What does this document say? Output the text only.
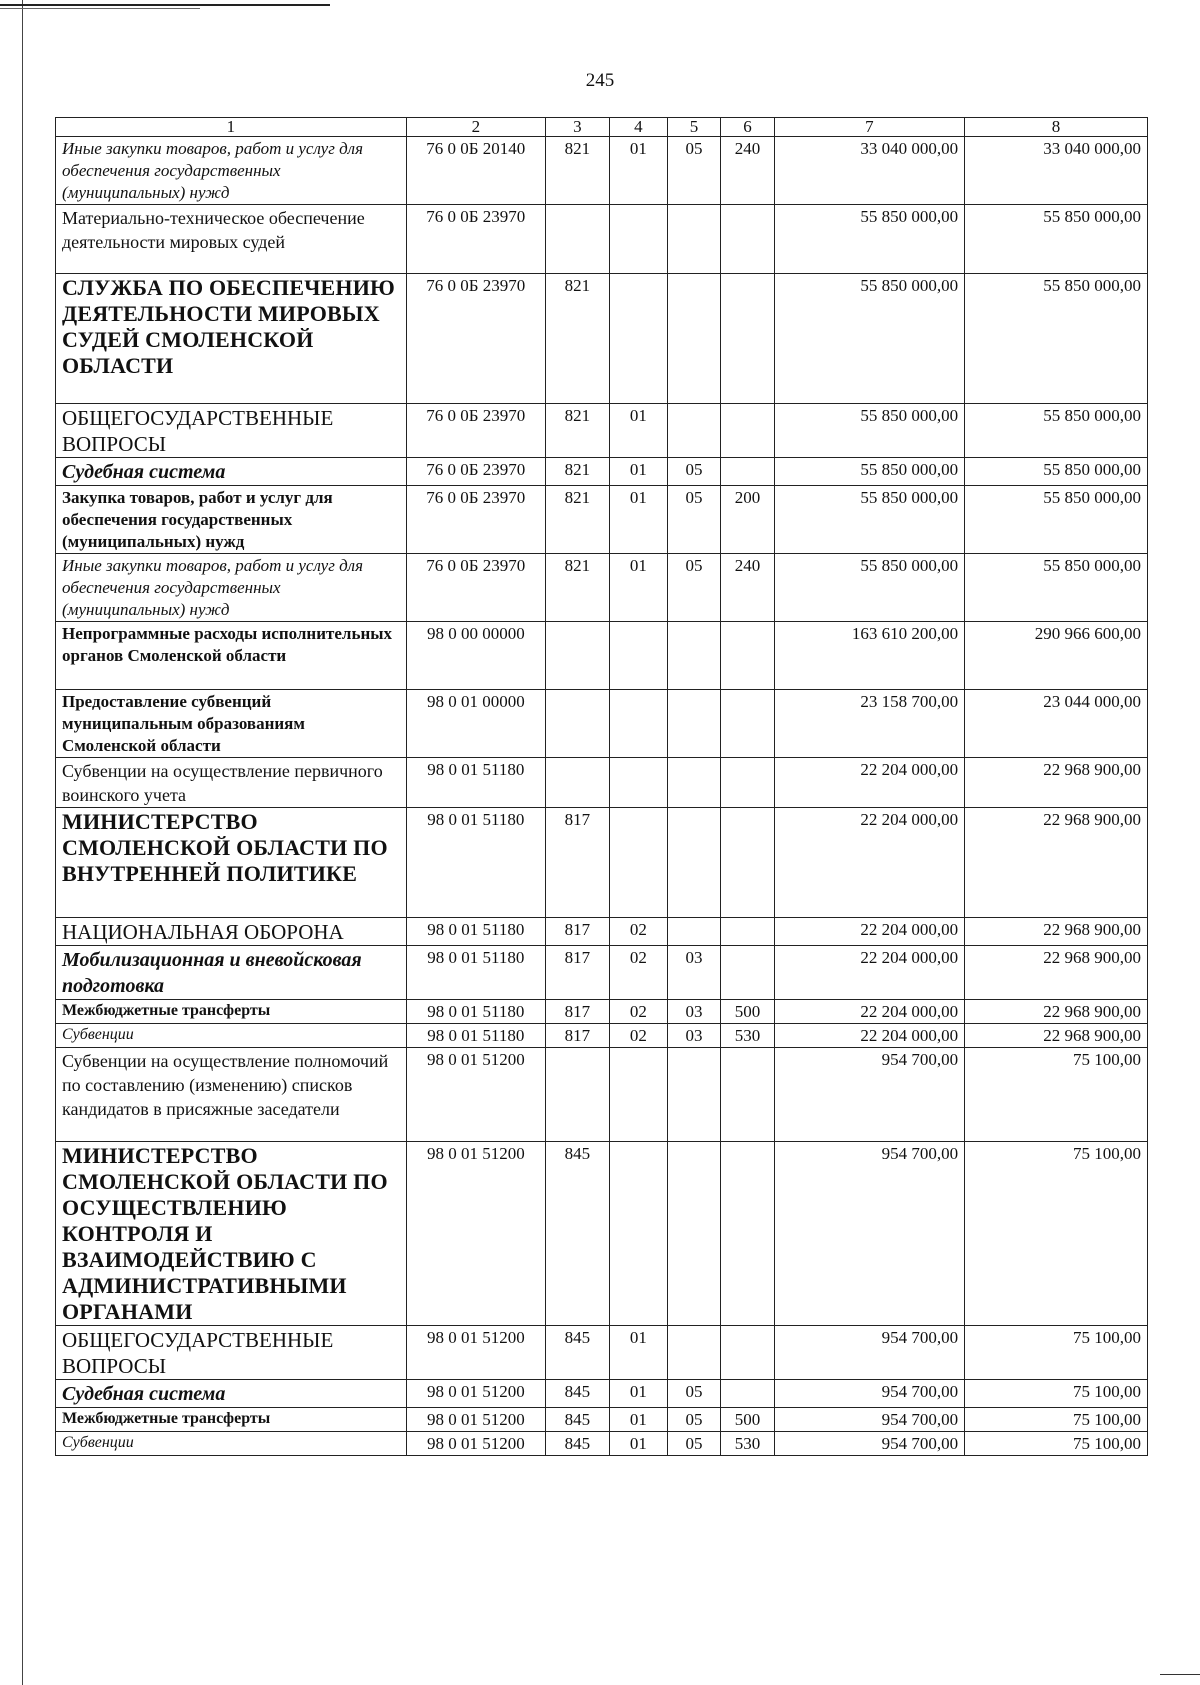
245
1	2	3	4	5	6	7	8
Иные закупки товаров, работ и услуг для обеспечения государственных (муниципальных) нужд	76 0 0Б 20140	821	01	05	240	33 040 000,00	33 040 000,00
Материально-техническое обеспечение деятельности мировых судей	76 0 0Б 23970					55 850 000,00	55 850 000,00
СЛУЖБА ПО ОБЕСПЕЧЕНИЮ ДЕЯТЕЛЬНОСТИ МИРОВЫХ СУДЕЙ СМОЛЕНСКОЙ ОБЛАСТИ	76 0 0Б 23970	821				55 850 000,00	55 850 000,00
ОБЩЕГОСУДАРСТВЕННЫЕ ВОПРОСЫ	76 0 0Б 23970	821	01			55 850 000,00	55 850 000,00
Судебная система	76 0 0Б 23970	821	01	05		55 850 000,00	55 850 000,00
Закупка товаров, работ и услуг для обеспечения государственных (муниципальных) нужд	76 0 0Б 23970	821	01	05	200	55 850 000,00	55 850 000,00
Иные закупки товаров, работ и услуг для обеспечения государственных (муниципальных) нужд	76 0 0Б 23970	821	01	05	240	55 850 000,00	55 850 000,00
Непрограммные расходы исполнительных органов Смоленской области	98 0 00 00000					163 610 200,00	290 966 600,00
Предоставление субвенций муниципальным образованиям Смоленской области	98 0 01 00000					23 158 700,00	23 044 000,00
Субвенции на осуществление первичного воинского учета	98 0 01 51180					22 204 000,00	22 968 900,00
МИНИСТЕРСТВО СМОЛЕНСКОЙ ОБЛАСТИ ПО ВНУТРЕННЕЙ ПОЛИТИКЕ	98 0 01 51180	817				22 204 000,00	22 968 900,00
НАЦИОНАЛЬНАЯ ОБОРОНА	98 0 01 51180	817	02			22 204 000,00	22 968 900,00
Мобилизационная и вневойсковая подготовка	98 0 01 51180	817	02	03		22 204 000,00	22 968 900,00
Межбюджетные трансферты	98 0 01 51180	817	02	03	500	22 204 000,00	22 968 900,00
Субвенции	98 0 01 51180	817	02	03	530	22 204 000,00	22 968 900,00
Субвенции на осуществление полномочий по составлению (изменению) списков кандидатов в присяжные заседатели	98 0 01 51200					954 700,00	75 100,00
МИНИСТЕРСТВО СМОЛЕНСКОЙ ОБЛАСТИ ПО ОСУЩЕСТВЛЕНИЮ КОНТРОЛЯ И ВЗАИМОДЕЙСТВИЮ С АДМИНИСТРАТИВНЫМИ ОРГАНАМИ	98 0 01 51200	845				954 700,00	75 100,00
ОБЩЕГОСУДАРСТВЕННЫЕ ВОПРОСЫ	98 0 01 51200	845	01			954 700,00	75 100,00
Судебная система	98 0 01 51200	845	01	05		954 700,00	75 100,00
Межбюджетные трансферты	98 0 01 51200	845	01	05	500	954 700,00	75 100,00
Субвенции	98 0 01 51200	845	01	05	530	954 700,00	75 100,00
